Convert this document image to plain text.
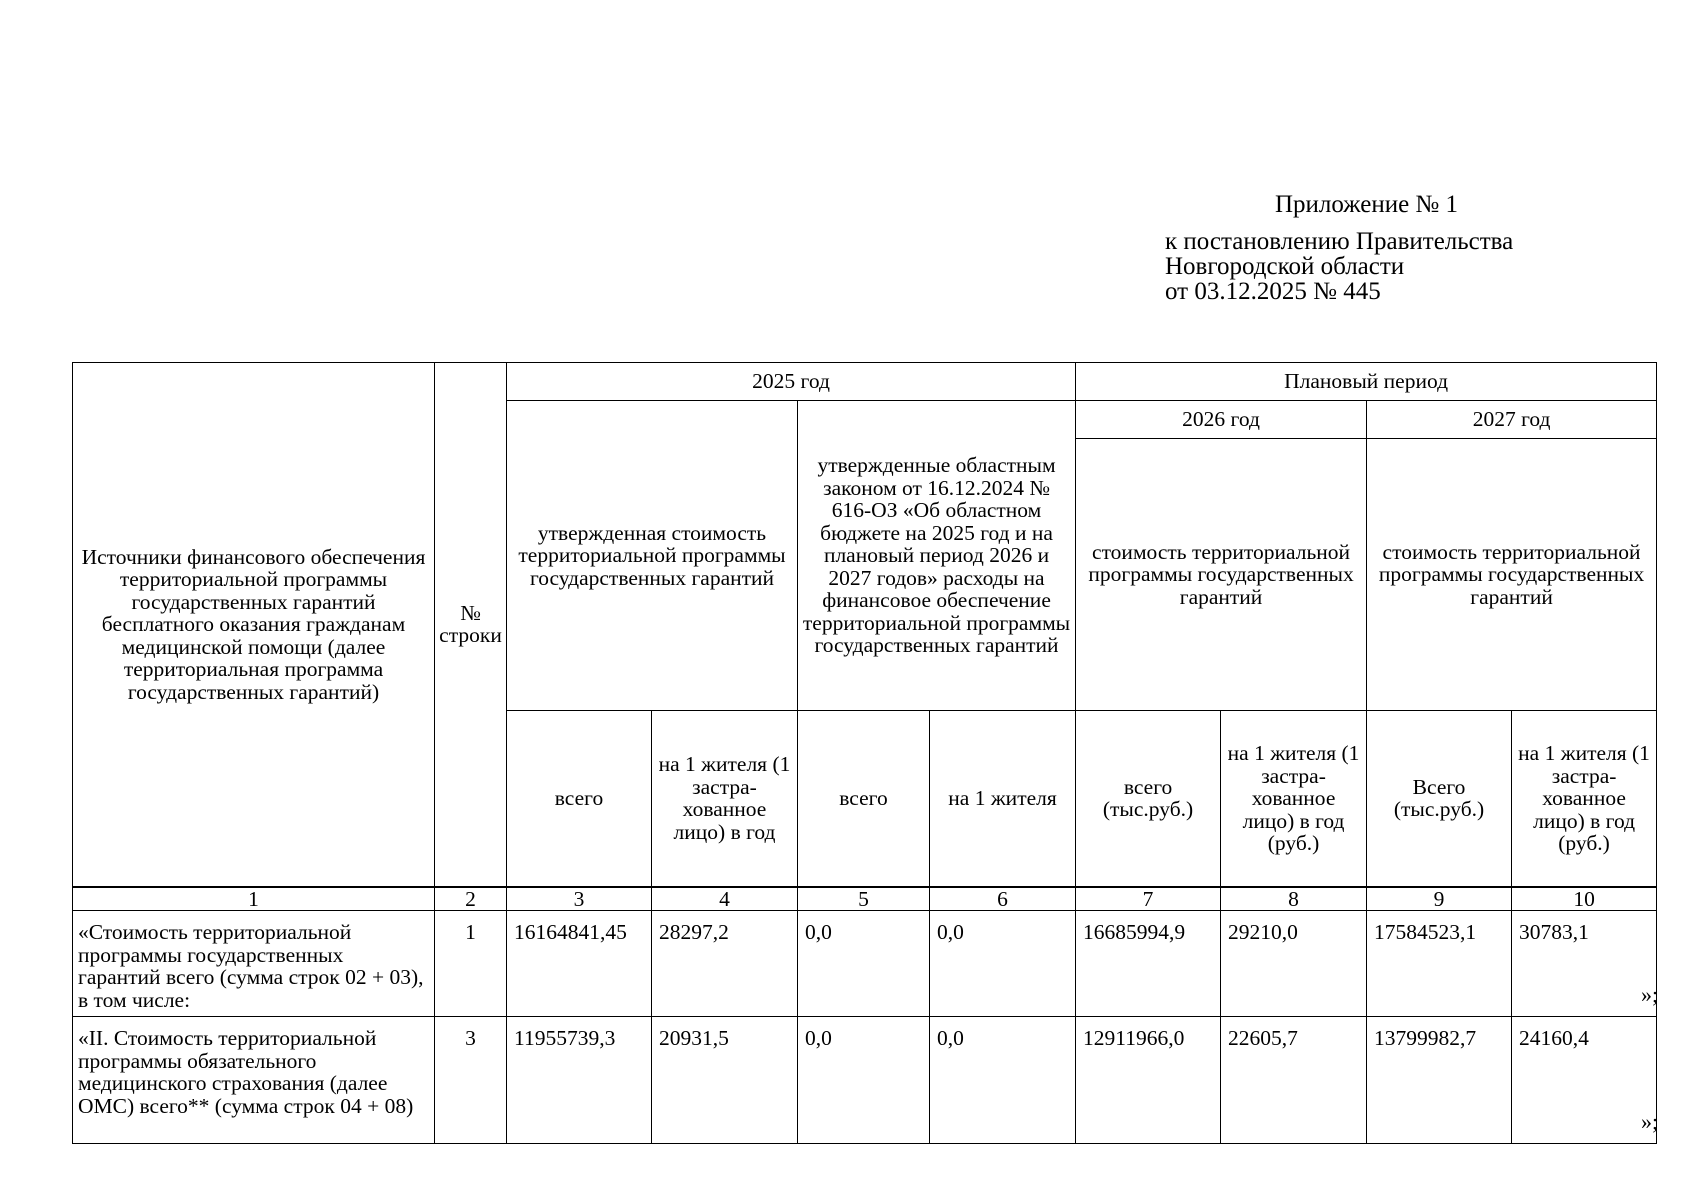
Приложение № 1
к постановлению Правительства
Новгородской области
от 03.12.2025 № 445
Источники финансового обеспечения территориальной программы государственных гарантий бесплатного оказания гражданам медицинской помощи (далее территориальная программа государственных гарантий)	№ строки	2025 год				Плановый период			
		утвержденная стоимость территориальной программы государственных гарантий		утвержденные областным законом от 16.12.2024 № 616-ОЗ «Об областном бюджете на 2025 год и на плановый период 2026 и 2027 годов» расходы на финансовое обеспечение территориальной программы государственных гарантий		2026 год		2027 год	
						стоимость территориальной программы государственных гарантий		стоимость территориальной программы государственных гарантий	
		всего	на 1 жителя (1 застра-хованное лицо) в год	всего	на 1 жителя	всего (тыс.руб.)	на 1 жителя (1 застра-хованное лицо) в год (руб.)	Всего (тыс.руб.)	на 1 жителя (1 застра-хованное лицо) в год (руб.)
1	2	3	4	5	6	7	8	9	10
«Стоимость территориальной программы государственных гарантий всего (сумма строк 02 + 03), в том числе:	1	16164841,45	28297,2	0,0	0,0	16685994,9	29210,0	17584523,1	30783,1
«II. Стоимость территориальной программы обязательного медицинского страхования (далее ОМС) всего** (сумма строк 04 + 08)	3	11955739,3	20931,5	0,0	0,0	12911966,0	22605,7	13799982,7	24160,4
»;
»;
